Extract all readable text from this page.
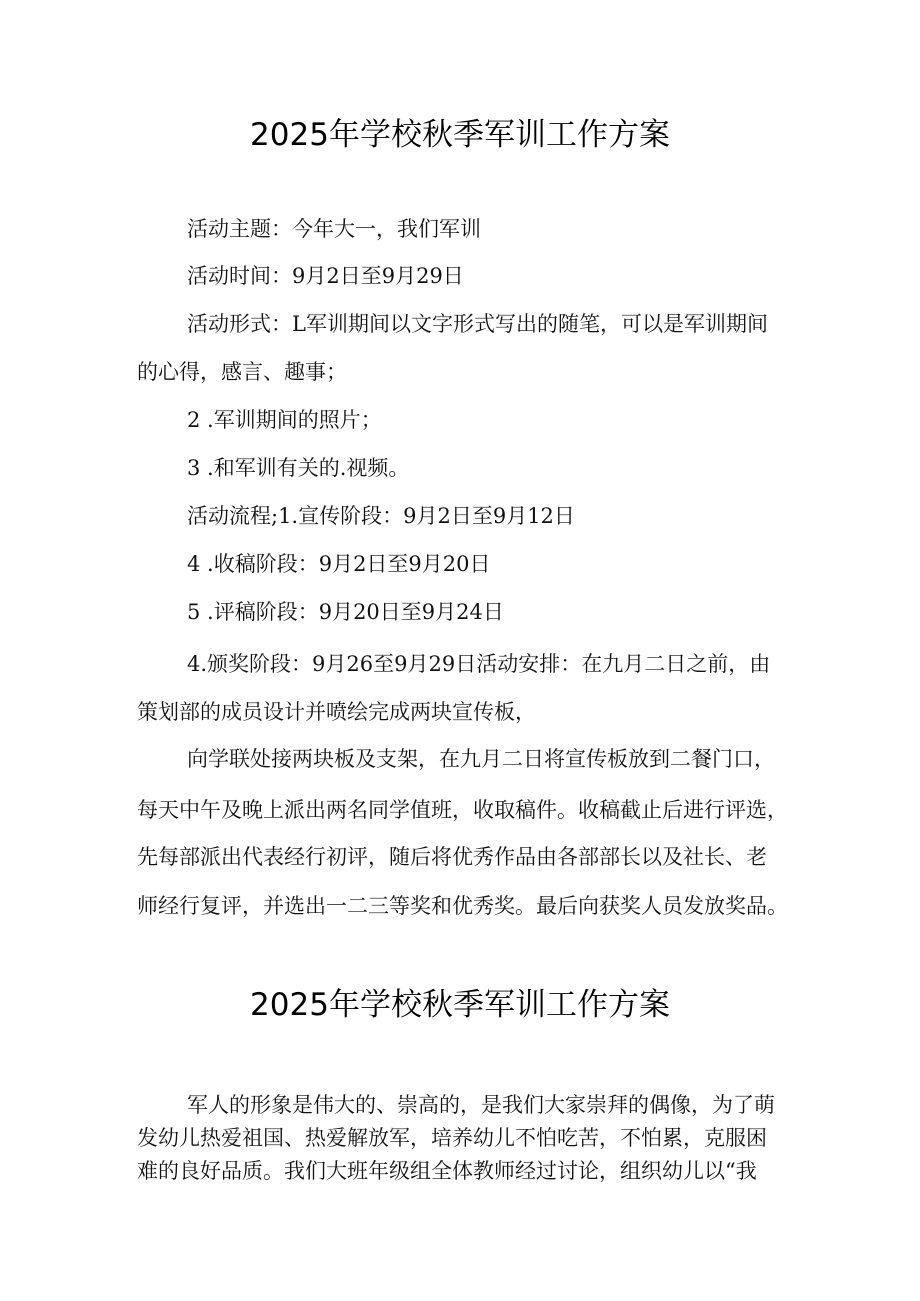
2025年学校秋季军训工作方案
活动主题：今年大一，我们军训
活动时间：9月2日至9月29日
活动形式：L军训期间以文字形式写出的随笔，可以是军训期间
的心得，感言、趣事；
2 .军训期间的照片；
3 .和军训有关的.视频。
活动流程;1.宣传阶段：9月2日至9月12日
4 .收稿阶段：9月2日至9月20日
5 .评稿阶段：9月20日至9月24日
4.颁奖阶段：9月26至9月29日活动安排：在九月二日之前，由
策划部的成员设计并喷绘完成两块宣传板，
向学联处接两块板及支架，在九月二日将宣传板放到二餐门口，
每天中午及晚上派出两名同学值班，收取稿件。收稿截止后进行评选，
先每部派出代表经行初评，随后将优秀作品由各部部长以及社长、老
师经行复评，并选出一二三等奖和优秀奖。最后向获奖人员发放奖品。
2025年学校秋季军训工作方案
军人的形象是伟大的、崇高的，是我们大家崇拜的偶像，为了萌
发幼儿热爱祖国、热爱解放军，培养幼儿不怕吃苦，不怕累，克服困
难的良好品质。我们大班年级组全体教师经过讨论，组织幼儿以“我
